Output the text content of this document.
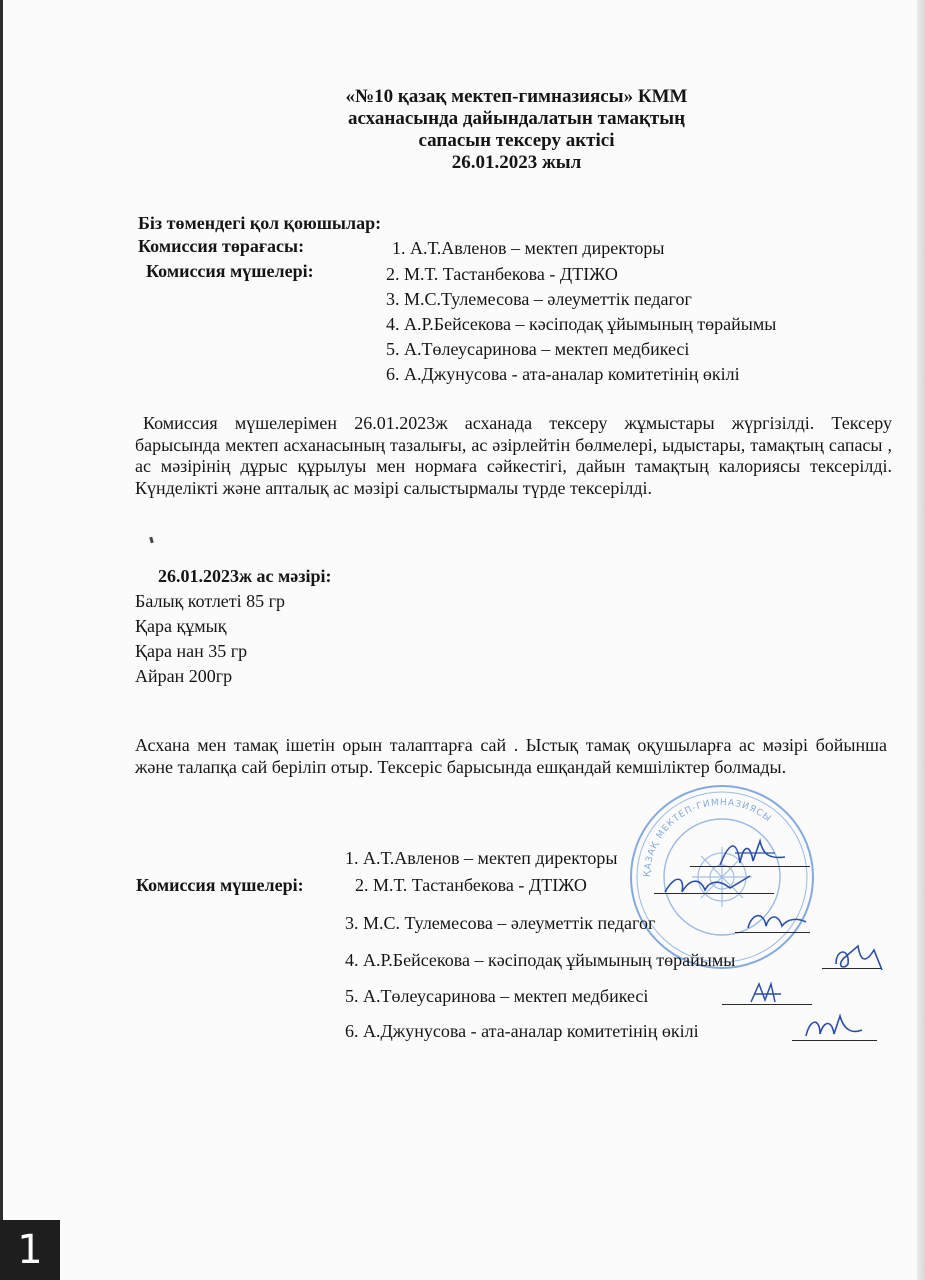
«№10 қазақ мектеп-гимназиясы» КММ
асханасында дайындалатын тамақтың
сапасын тексеру актісі
26.01.2023 жыл
Біз төмендегі қол қоюшылар:
Комиссия төрағасы:
Комиссия мүшелері:
1. А.Т.Авленов – мектеп директоры
2. М.Т. Тастанбекова - ДТІЖО
3. М.С.Тулемесова – әлеуметтік педагог
4. А.Р.Бейсекова – кәсіподақ ұйымының төрайымы
5. А.Төлеусаринова – мектеп медбикесі
6. А.Джунусова - ата-аналар комитетінің өкілі
Комиссия мүшелерімен 26.01.2023ж асханада тексеру жұмыстары жүргізілді. Тексеру барысында мектеп асханасының тазалығы, ас әзірлейтін бөлмелері, ыдыстары, тамақтың сапасы , ас мәзірінің дұрыс құрылуы мен нормаға сәйкестігі, дайын тамақтың калориясы тексерілді. Күнделікті және апталық ас мәзірі салыстырмалы түрде тексерілді.
26.01.2023ж ас мәзірі:
Балық котлеті 85 гр
Қара құмық
Қара нан 35 гр
Айран 200гр
Асхана мен тамақ ішетін орын талаптарға сай . Ыстық тамақ оқушыларға ас мәзірі бойынша және талапқа сай беріліп отыр. Тексеріс барысында ешқандай кемшіліктер болмады.
ҚАЗАҚ МЕКТЕП-ГИМНАЗИЯСЫ
Комиссия мүшелері:
1. А.Т.Авленов – мектеп директоры
2. М.Т. Тастанбекова - ДТІЖО
3. М.С. Тулемесова – әлеуметтік педагог
4. А.Р.Бейсекова – кәсіподақ ұйымының төрайымы
5. А.Төлеусаринова – мектеп медбикесі
6. А.Джунусова - ата-аналар комитетінің өкілі
1
